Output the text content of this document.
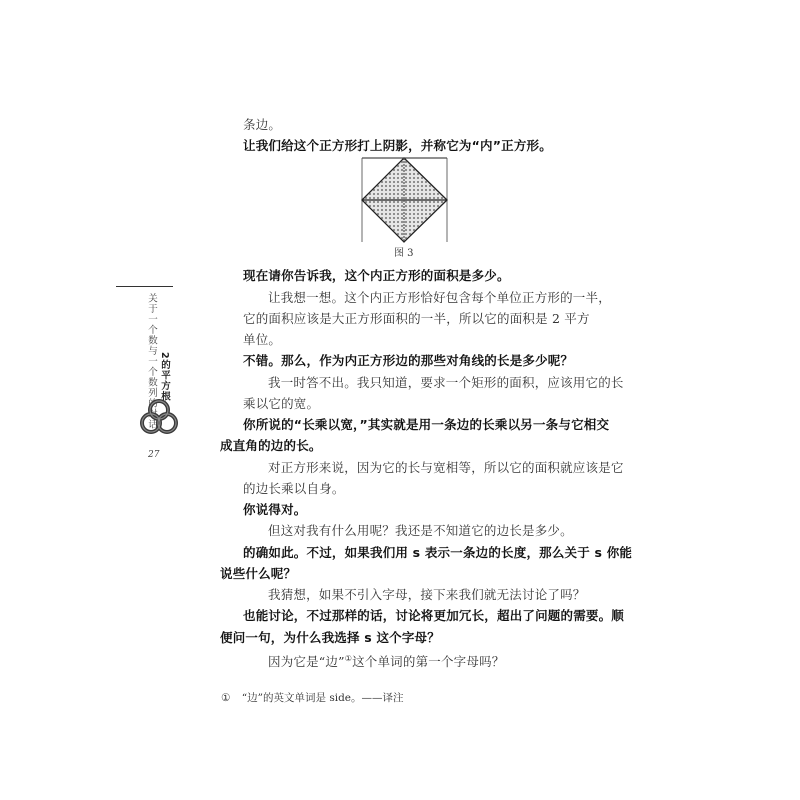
关于一个数与一个数列的对话 2的平方根
27
条边。
让我们给这个正方形打上阴影，并称它为“内”正方形。
图 3
现在请你告诉我，这个内正方形的面积是多少。
让我想一想。这个内正方形恰好包含每个单位正方形的一半，
它的面积应该是大正方形面积的一半，所以它的面积是 2 平方
单位。
不错。那么，作为内正方形边的那些对角线的长是多少呢？
我一时答不出。我只知道，要求一个矩形的面积，应该用它的长
乘以它的宽。
你所说的“长乘以宽，”其实就是用一条边的长乘以另一条与它相交
成直角的边的长。
对正方形来说，因为它的长与宽相等，所以它的面积就应该是它
的边长乘以自身。
你说得对。
但这对我有什么用呢？我还是不知道它的边长是多少。
的确如此。不过，如果我们用 s 表示一条边的长度，那么关于 s 你能
说些什么呢？
我猜想，如果不引入字母，接下来我们就无法讨论了吗？
也能讨论，不过那样的话，讨论将更加冗长，超出了问题的需要。顺
便问一句，为什么我选择 s 这个字母？
因为它是“边”①这个单词的第一个字母吗？
① “边”的英文单词是 side。——译注
